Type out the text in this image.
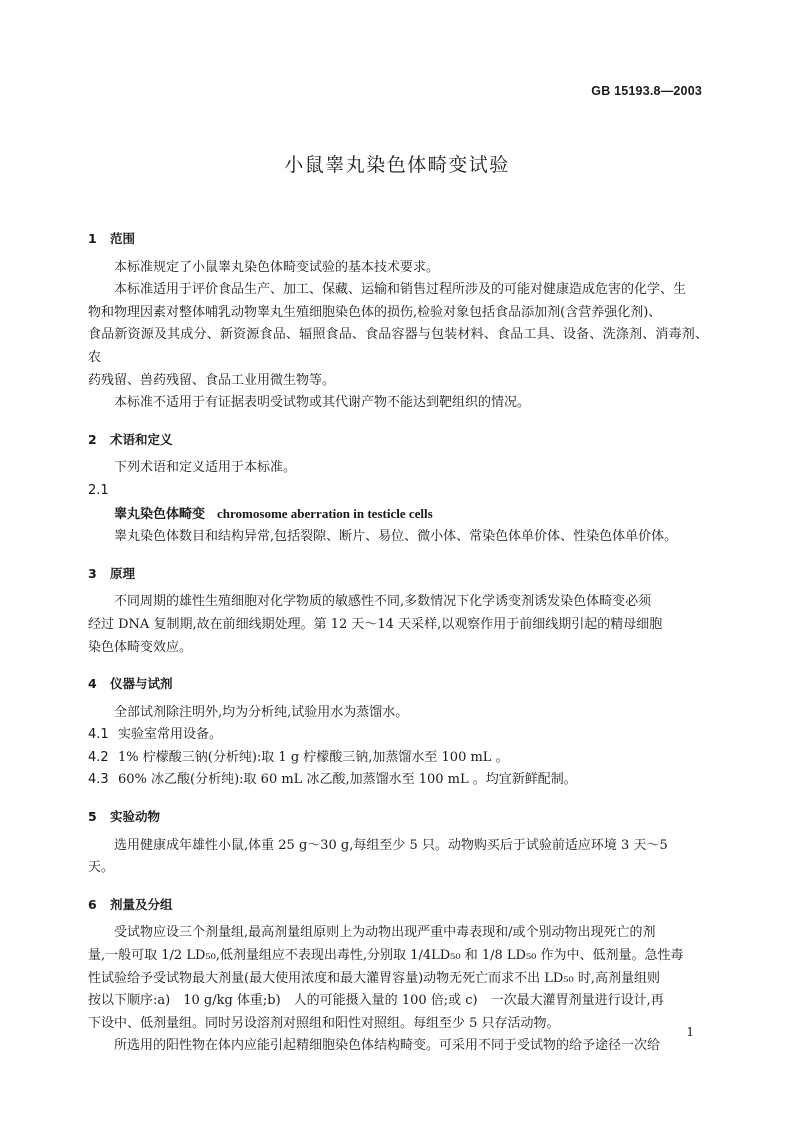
GB 15193.8—2003
小鼠睾丸染色体畸变试验

1 范围

本标准规定了小鼠睾丸染色体畸变试验的基本技术要求。

本标准适用于评价食品生产、加工、保藏、运输和销售过程所涉及的可能对健康造成危害的化学、生
物和物理因素对整体哺乳动物睾丸生殖细胞染色体的损伤,检验对象包括食品添加剂(含营养强化剂)、
食品新资源及其成分、新资源食品、辐照食品、食品容器与包装材料、食品工具、设备、洗涤剂、消毒剂、农
药残留、兽药残留、食品工业用微生物等。

本标准不适用于有证据表明受试物或其代谢产物不能达到靶组织的情况。

2 术语和定义

下列术语和定义适用于本标准。

2.1

睾丸染色体畸变 chromosome aberration in testicle cells

睾丸染色体数目和结构异常,包括裂隙、断片、易位、微小体、常染色体单价体、性染色体单价体。

3 原理

不同周期的雄性生殖细胞对化学物质的敏感性不同,多数情况下化学诱变剂诱发染色体畸变必须
经过 DNA 复制期,故在前细线期处理。第 12 天～14 天采样,以观察作用于前细线期引起的精母细胞
染色体畸变效应。

4 仪器与试剂

全部试剂除注明外,均为分析纯,试验用水为蒸馏水。

4.1 实验室常用设备。

4.2 1% 柠檬酸三钠(分析纯):取 1 g 柠檬酸三钠,加蒸馏水至 100 mL 。

4.3 60% 冰乙酸(分析纯):取 60 mL 冰乙酸,加蒸馏水至 100 mL 。均宜新鲜配制。

5 实验动物

选用健康成年雄性小鼠,体重 25 g～30 g,每组至少 5 只。动物购买后于试验前适应环境 3 天～5
天。

6 剂量及分组

受试物应设三个剂量组,最高剂量组原则上为动物出现严重中毒表现和/或个别动物出现死亡的剂
量,一般可取 1/2 LD₅₀,低剂量组应不表现出毒性,分别取 1/4LD₅₀ 和 1/8 LD₅₀ 作为中、低剂量。急性毒
性试验给予受试物最大剂量(最大使用浓度和最大灌胃容量)动物无死亡而求不出 LD₅₀ 时,高剂量组则
按以下顺序:a)　10 g/kg 体重;b)　人的可能摄入量的 100 倍;或 c)　一次最大灌胃剂量进行设计,再
下设中、低剂量组。同时另设溶剂对照组和阳性对照组。每组至少 5 只存活动物。

所选用的阳性物在体内应能引起精细胞染色体结构畸变。可采用不同于受试物的给予途径一次给

1
